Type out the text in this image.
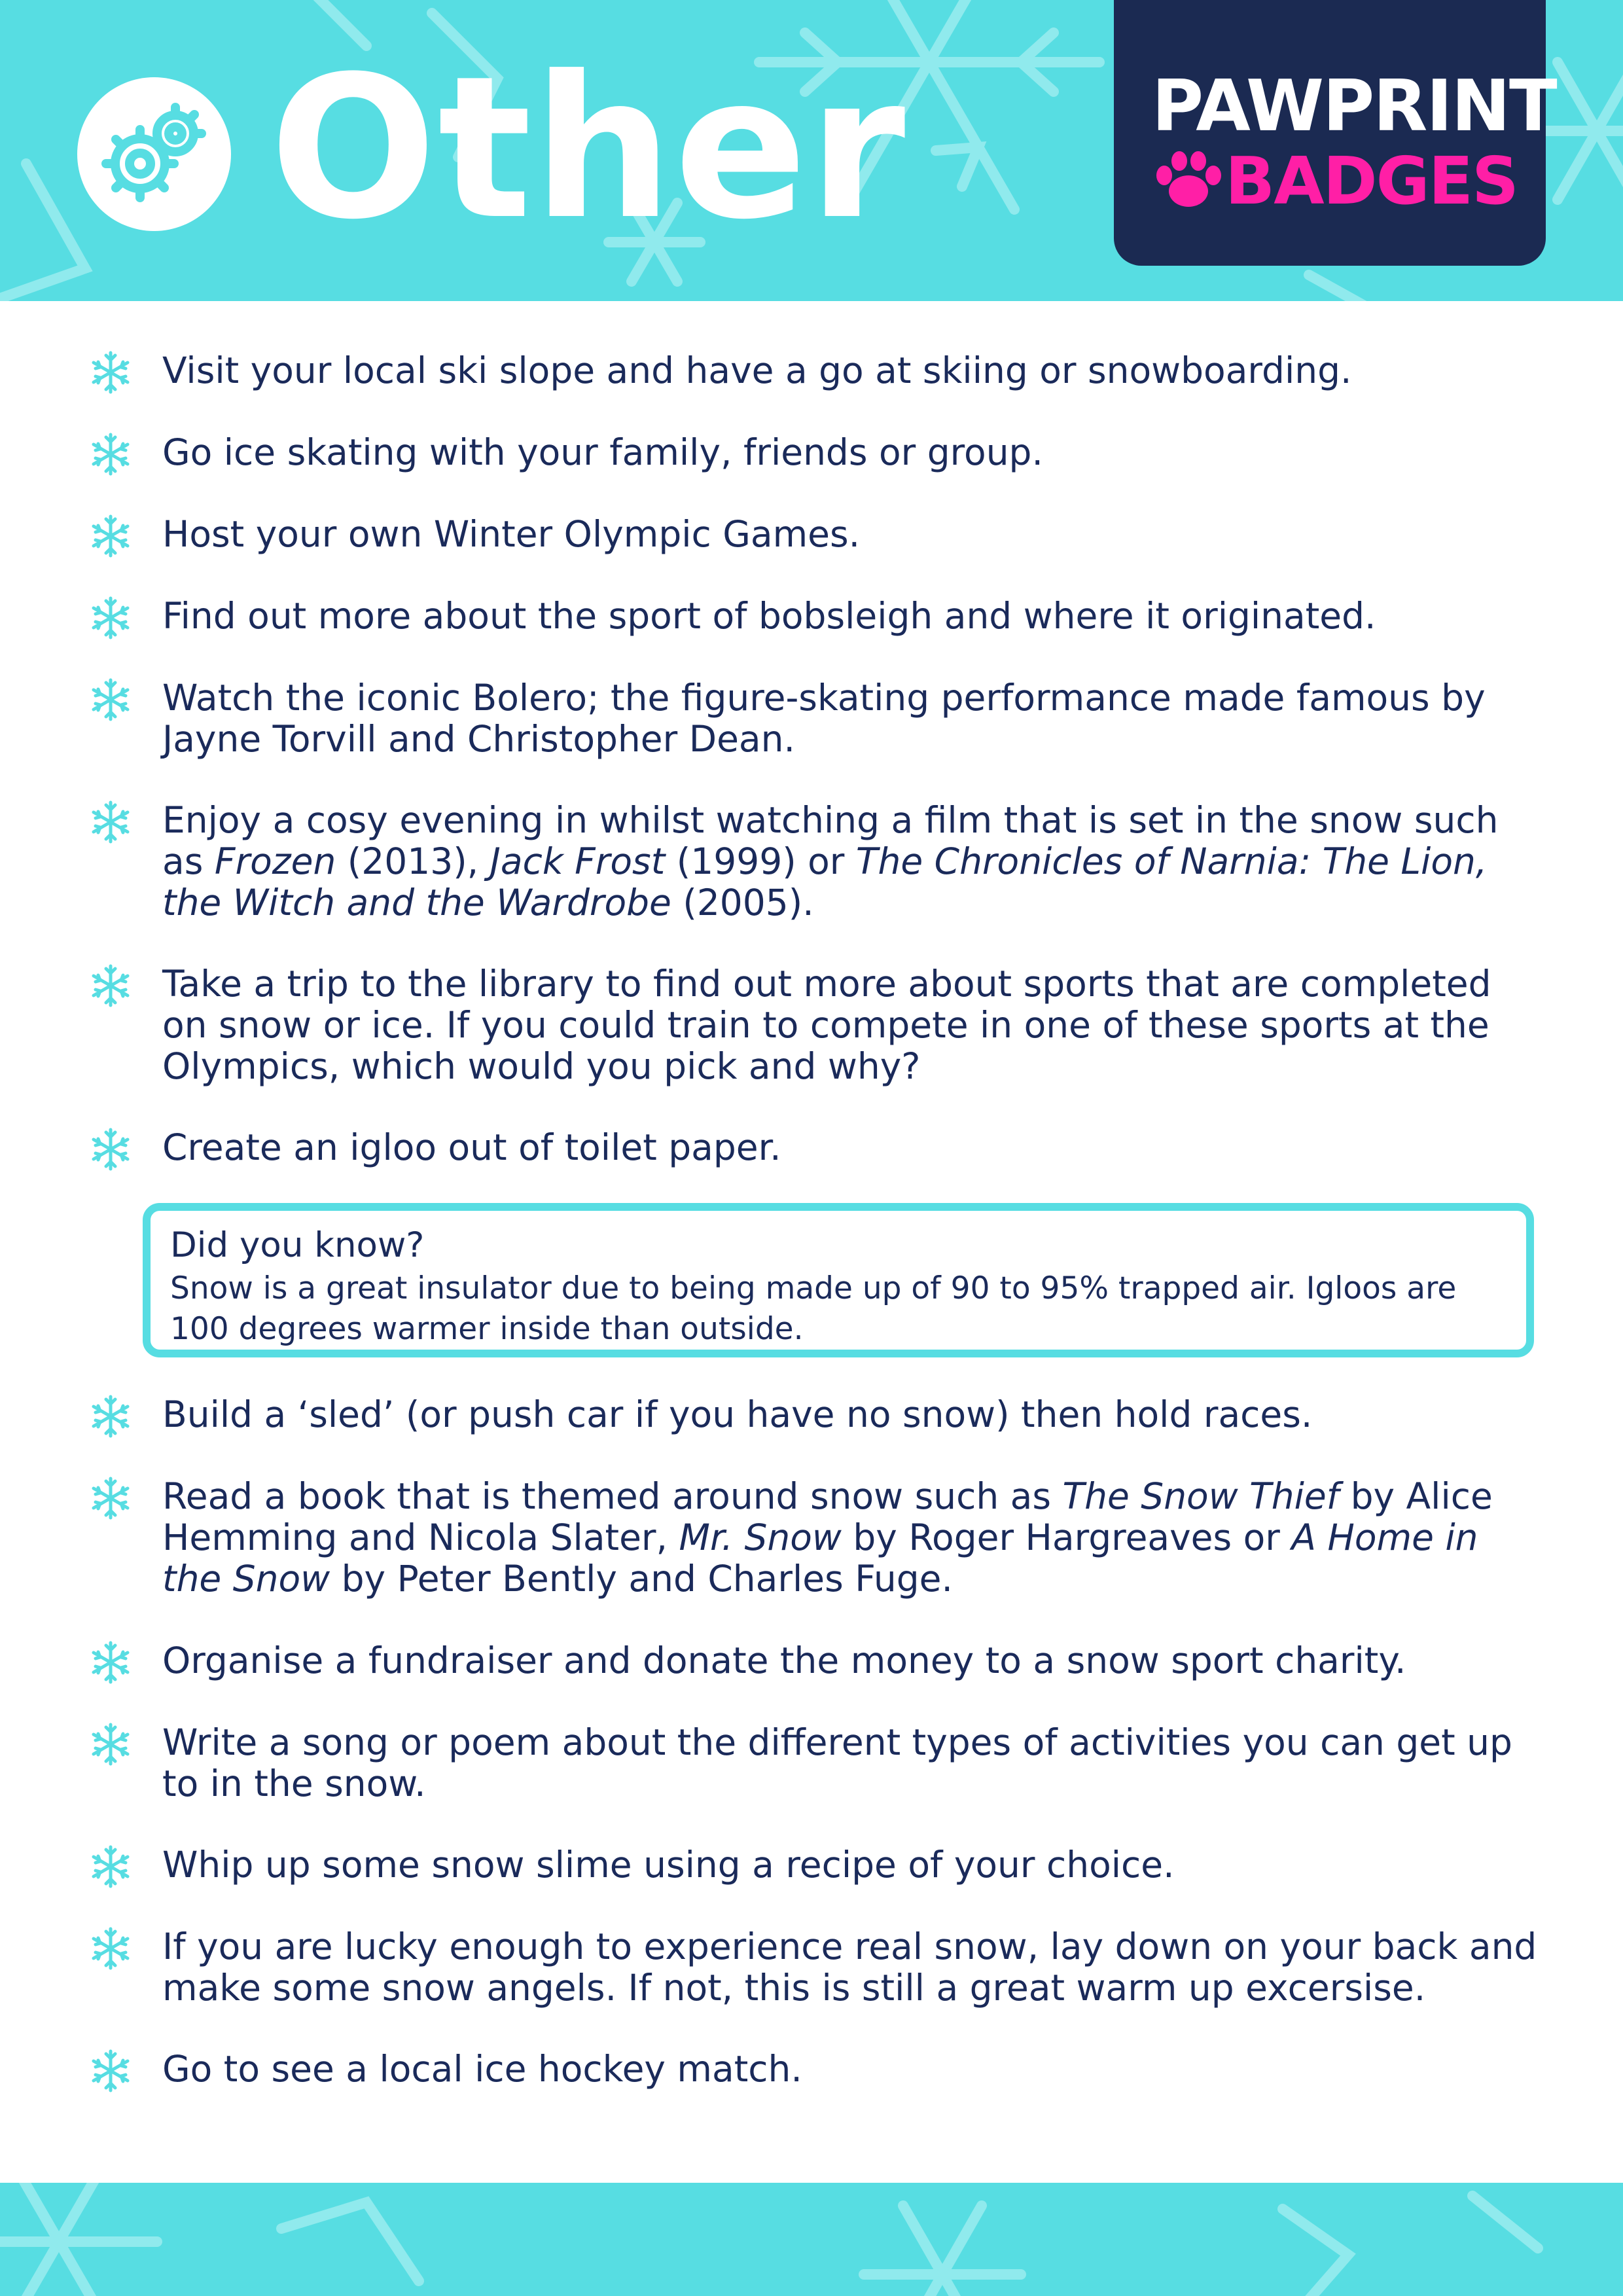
Other	PAWPRINT
BADGES
Visit your local ski slope and have a go at skiing or snowboarding.
Go ice skating with your family, friends or group.
Host your own Winter Olympic Games.
Find out more about the sport of bobsleigh and where it originated.
Watch the iconic Bolero; the figure-skating performance made famous by Jayne Torvill and Christopher Dean.
Enjoy a cosy evening in whilst watching a film that is set in the snow such as Frozen (2013), Jack Frost (1999) or The Chronicles of Narnia: The Lion, the Witch and the Wardrobe (2005).
Take a trip to the library to find out more about sports that are completed on snow or ice. If you could train to compete in one of these sports at the Olympics, which would you pick and why?
Create an igloo out of toilet paper.
Did you know?
Snow is a great insulator due to being made up of 90 to 95% trapped air. Igloos are 100 degrees warmer inside than outside.
Build a ‘sled’ (or push car if you have no snow) then hold races.
Read a book that is themed around snow such as The Snow Thief by Alice Hemming and Nicola Slater, Mr. Snow by Roger Hargreaves or A Home in the Snow by Peter Bently and Charles Fuge.
Organise a fundraiser and donate the money to a snow sport charity.
Write a song or poem about the different types of activities you can get up to in the snow.
Whip up some snow slime using a recipe of your choice.
If you are lucky enough to experience real snow, lay down on your back and make some snow angels. If not, this is still a great warm up excersise.
Go to see a local ice hockey match.
